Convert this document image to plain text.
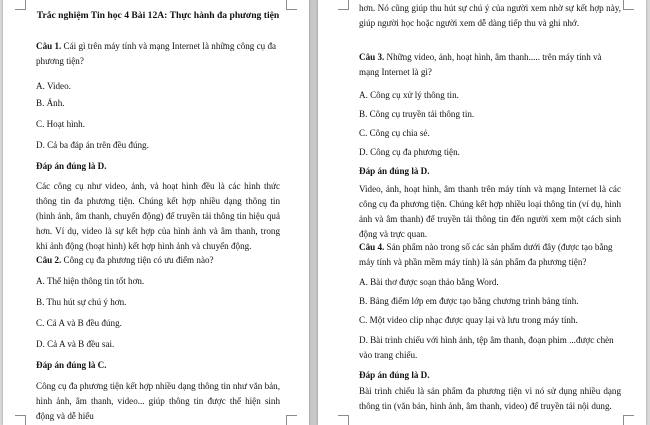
Trắc nghiệm Tin học 4 Bài 12A: Thực hành đa phương tiện

Câu 1. Cái gì trên máy tính và mạng Internet là những công cụ đa phương tiện?

A. Video.

B. Ảnh.

C. Hoạt hình.

D. Cả ba đáp án trên đều đúng.

Đáp án đúng là D.

Các công cụ như video, ảnh, và hoạt hình đều là các hình thức thông tin đa phương tiện. Chúng kết hợp nhiều dạng thông tin (hình ảnh, âm thanh, chuyển động) để truyền tải thông tin hiệu quả hơn. Ví dụ, video là sự kết hợp của hình ảnh và âm thanh, trong khi ảnh động (hoạt hình) kết hợp hình ảnh và chuyển động.

Câu 2. Công cụ đa phương tiện có ưu điểm nào?

A. Thể hiện thông tin tốt hơn.

B. Thu hút sự chú ý hơn.

C. Cả A và B đều đúng.

D. Cả A và B đều sai.

Đáp án đúng là C.

Công cụ đa phương tiện kết hợp nhiều dạng thông tin như văn bản, hình ảnh, âm thanh, video... giúp thông tin được thể hiện sinh động và dễ hiểu

hơn. Nó cũng giúp thu hút sự chú ý của người xem nhờ sự kết hợp này, giúp người học hoặc người xem dễ dàng tiếp thu và ghi nhớ.

Câu 3. Những video, ảnh, hoạt hình, âm thanh..... trên máy tính và mạng Internet là gì?

A. Công cụ xử lý thông tin.

B. Công cụ truyền tải thông tin.

C. Công cụ chia sẻ.

D. Công cụ đa phương tiện.

Đáp án đúng là D.

Video, ảnh, hoạt hình, âm thanh trên máy tính và mạng Internet là các công cụ đa phương tiện. Chúng kết hợp nhiều loại thông tin (ví dụ, hình ảnh và âm thanh) để truyền tải thông tin đến người xem một cách sinh động và trực quan.

Câu 4. Sản phẩm nào trong số các sản phẩm dưới đây (được tạo bằng máy tính và phần mềm máy tính) là sản phẩm đa phương tiện?

A. Bài thơ được soạn thảo bằng Word.

B. Bảng điểm lớp em được tạo bằng chương trình bảng tính.

C. Một video clip nhạc được quay lại và lưu trong máy tính.

D. Bài trình chiếu với hình ảnh, tệp âm thanh, đoạn phim ...được chèn vào trang chiếu.

Đáp án đúng là D.

Bài trình chiếu là sản phẩm đa phương tiện vì nó sử dụng nhiều dạng thông tin (văn bản, hình ảnh, âm thanh, video) để truyền tải nội dung.
